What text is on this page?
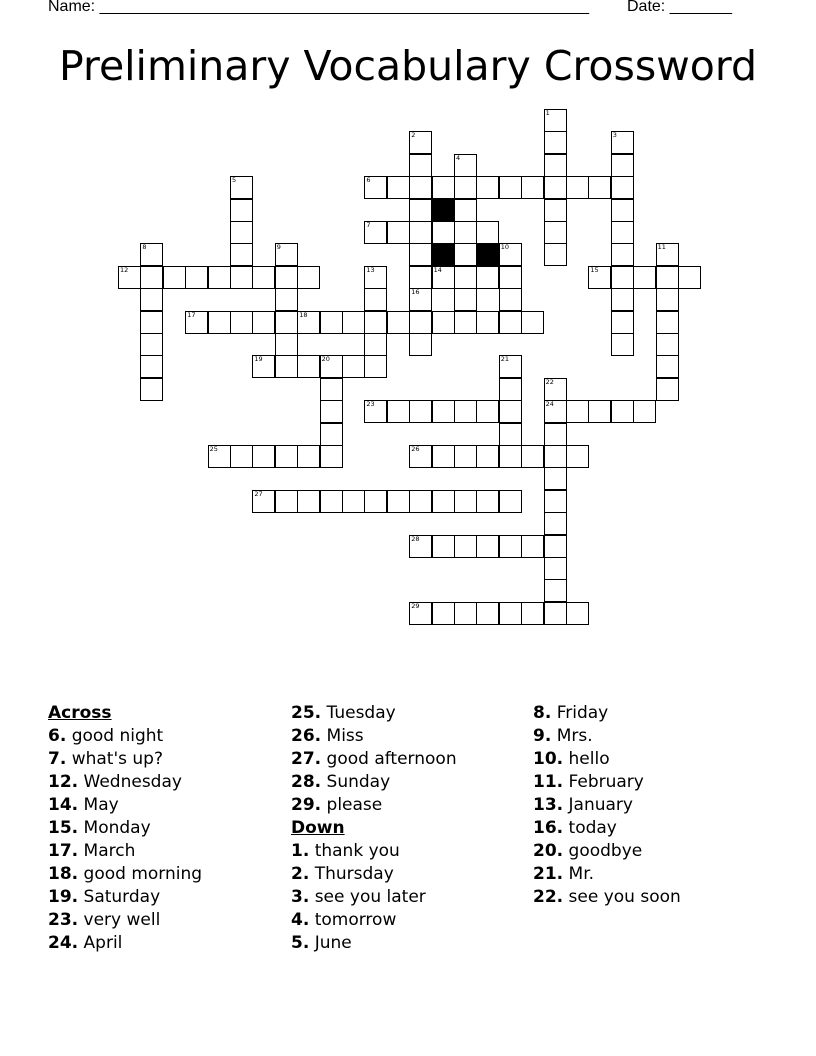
Name: _______________________________________________________ Date: _______
Preliminary Vocabulary Crossword
1
2
16
3
4
5	6
7
10
8	9	11
12	13	14	15
17	18
19	20	21
22
24
23
25	26
27
28
29
Across
6. good night
7. what's up?
12. Wednesday
14. May
15. Monday
17. March
18. good morning
19. Saturday
23. very well
24. April
25. Tuesday
26. Miss
27. good afternoon
28. Sunday
29. please
Down
1. thank you
2. Thursday
3. see you later
4. tomorrow
5. June
8. Friday
9. Mrs.
10. hello
11. February
13. January
16. today
20. goodbye
21. Mr.
22. see you soon
